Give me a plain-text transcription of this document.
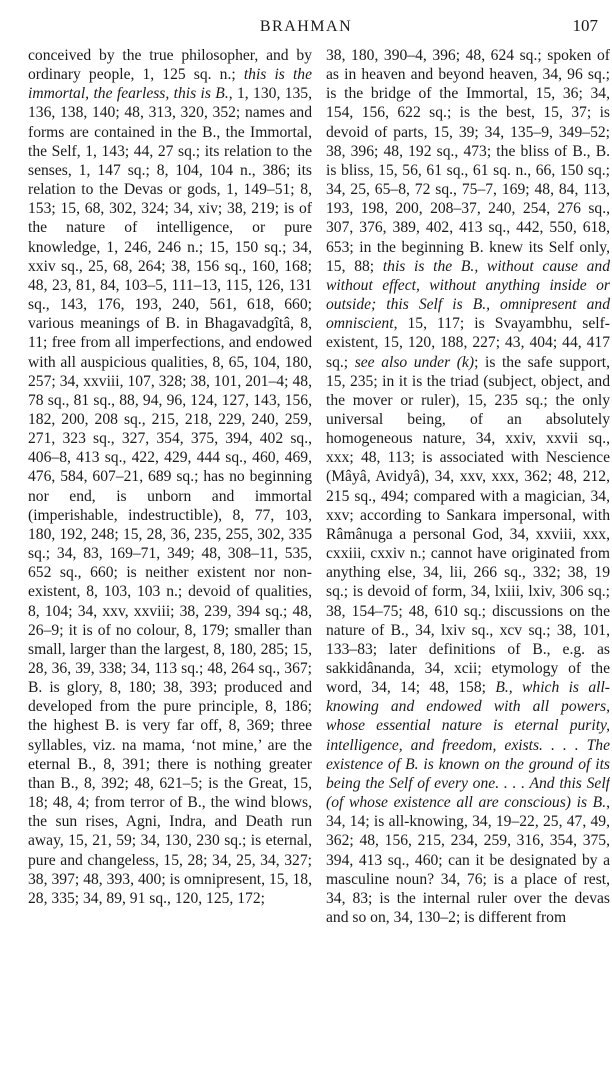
BRAHMAN	107

conceived by the true philosopher, and by ordinary people, 1, 125 sq. n.; this is the immortal, the fearless, this is B., 1, 130, 135, 136, 138, 140; 48, 313, 320, 352; names and forms are contained in the B., the Immortal, the Self, 1, 143; 44, 27 sq.; its relation to the senses, 1, 147 sq.; 8, 104, 104 n., 386; its relation to the Devas or gods, 1, 149–51; 8, 153; 15, 68, 302, 324; 34, xiv; 38, 219; is of the nature of intelligence, or pure knowledge, 1, 246, 246 n.; 15, 150 sq.; 34, xxiv sq., 25, 68, 264; 38, 156 sq., 160, 168; 48, 23, 81, 84, 103–5, 111–13, 115, 126, 131 sq., 143, 176, 193, 240, 561, 618, 660; various meanings of B. in Bhagavadgîtâ, 8, 11; free from all imperfections, and endowed with all auspicious qualities, 8, 65, 104, 180, 257; 34, xxviii, 107, 328; 38, 101, 201–4; 48, 78 sq., 81 sq., 88, 94, 96, 124, 127, 143, 156, 182, 200, 208 sq., 215, 218, 229, 240, 259, 271, 323 sq., 327, 354, 375, 394, 402 sq., 406–8, 413 sq., 422, 429, 444 sq., 460, 469, 476, 584, 607–21, 689 sq.; has no beginning nor end, is unborn and immortal (imperishable, indestructible), 8, 77, 103, 180, 192, 248; 15, 28, 36, 235, 255, 302, 335 sq.; 34, 83, 169–71, 349; 48, 308–11, 535, 652 sq., 660; is neither existent nor non-existent, 8, 103, 103 n.; devoid of qualities, 8, 104; 34, xxv, xxviii; 38, 239, 394 sq.; 48, 26–9; it is of no colour, 8, 179; smaller than small, larger than the largest, 8, 180, 285; 15, 28, 36, 39, 338; 34, 113 sq.; 48, 264 sq., 367; B. is glory, 8, 180; 38, 393; produced and developed from the pure principle, 8, 186; the highest B. is very far off, 8, 369; three syllables, viz. na mama, ‘not mine,’ are the eternal B., 8, 391; there is nothing greater than B., 8, 392; 48, 621–5; is the Great, 15, 18; 48, 4; from terror of B., the wind blows, the sun rises, Agni, Indra, and Death run away, 15, 21, 59; 34, 130, 230 sq.; is eternal, pure and changeless, 15, 28; 34, 25, 34, 327; 38, 397; 48, 393, 400; is omnipresent, 15, 18, 28, 335; 34, 89, 91 sq., 120, 125, 172;

38, 180, 390–4, 396; 48, 624 sq.; spoken of as in heaven and beyond heaven, 34, 96 sq.; is the bridge of the Immortal, 15, 36; 34, 154, 156, 622 sq.; is the best, 15, 37; is devoid of parts, 15, 39; 34, 135–9, 349–52; 38, 396; 48, 192 sq., 473; the bliss of B., B. is bliss, 15, 56, 61 sq., 61 sq. n., 66, 150 sq.; 34, 25, 65–8, 72 sq., 75–7, 169; 48, 84, 113, 193, 198, 200, 208–37, 240, 254, 276 sq., 307, 376, 389, 402, 413 sq., 442, 550, 618, 653; in the beginning B. knew its Self only, 15, 88; this is the B., without cause and without effect, without anything inside or outside; this Self is B., omnipresent and omniscient, 15, 117; is Svayambhu, self-existent, 15, 120, 188, 227; 43, 404; 44, 417 sq.; see also under (k); is the safe support, 15, 235; in it is the triad (subject, object, and the mover or ruler), 15, 235 sq.; the only universal being, of an absolutely homogeneous nature, 34, xxiv, xxvii sq., xxx; 48, 113; is associated with Nescience (Mâyâ, Avidyâ), 34, xxv, xxx, 362; 48, 212, 215 sq., 494; compared with a magician, 34, xxv; according to Sankara impersonal, with Râmânuga a personal God, 34, xxviii, xxx, cxxiii, cxxiv n.; cannot have originated from anything else, 34, lii, 266 sq., 332; 38, 19 sq.; is devoid of form, 34, lxiii, lxiv, 306 sq.; 38, 154–75; 48, 610 sq.; discussions on the nature of B., 34, lxiv sq., xcv sq.; 38, 101, 133–83; later definitions of B., e.g. as sakkidânanda, 34, xcii; etymology of the word, 34, 14; 48, 158; B., which is all-knowing and endowed with all powers, whose essential nature is eternal purity, intelligence, and freedom, exists. . . . The existence of B. is known on the ground of its being the Self of every one. . . . And this Self (of whose existence all are conscious) is B., 34, 14; is all-knowing, 34, 19–22, 25, 47, 49, 362; 48, 156, 215, 234, 259, 316, 354, 375, 394, 413 sq., 460; can it be designated by a masculine noun? 34, 76; is a place of rest, 34, 83; is the internal ruler over the devas and so on, 34, 130–2; is different from
